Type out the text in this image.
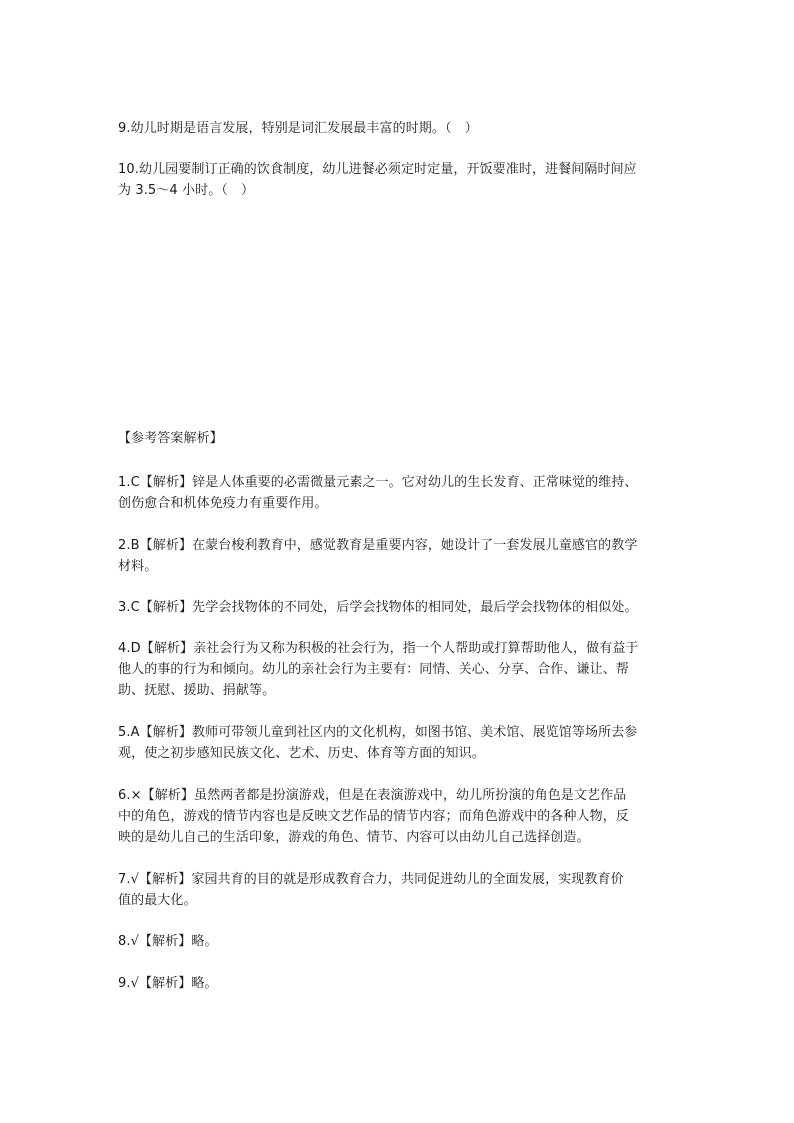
9.幼儿时期是语言发展，特别是词汇发展最丰富的时期。（　）

10.幼儿园要制订正确的饮食制度，幼儿进餐必须定时定量，开饭要准时，进餐间隔时间应

为 3.5～4 小时。（　）

【参考答案解析】

1.C【解析】锌是人体重要的必需微量元素之一。它对幼儿的生长发育、正常味觉的维持、

创伤愈合和机体免疫力有重要作用。

2.B【解析】在蒙台梭利教育中，感觉教育是重要内容，她设计了一套发展儿童感官的教学

材料。

3.C【解析】先学会找物体的不同处，后学会找物体的相同处，最后学会找物体的相似处。

4.D【解析】亲社会行为又称为积极的社会行为，指一个人帮助或打算帮助他人，做有益于

他人的事的行为和倾向。幼儿的亲社会行为主要有：同情、关心、分享、合作、谦让、帮

助、抚慰、援助、捐献等。

5.A【解析】教师可带领儿童到社区内的文化机构，如图书馆、美术馆、展览馆等场所去参

观，使之初步感知民族文化、艺术、历史、体育等方面的知识。

6.×【解析】虽然两者都是扮演游戏，但是在表演游戏中，幼儿所扮演的角色是文艺作品

中的角色，游戏的情节内容也是反映文艺作品的情节内容；而角色游戏中的各种人物，反

映的是幼儿自己的生活印象，游戏的角色、情节、内容可以由幼儿自己选择创造。

7.√【解析】家园共育的目的就是形成教育合力，共同促进幼儿的全面发展，实现教育价

值的最大化。

8.√【解析】略。

9.√【解析】略。
